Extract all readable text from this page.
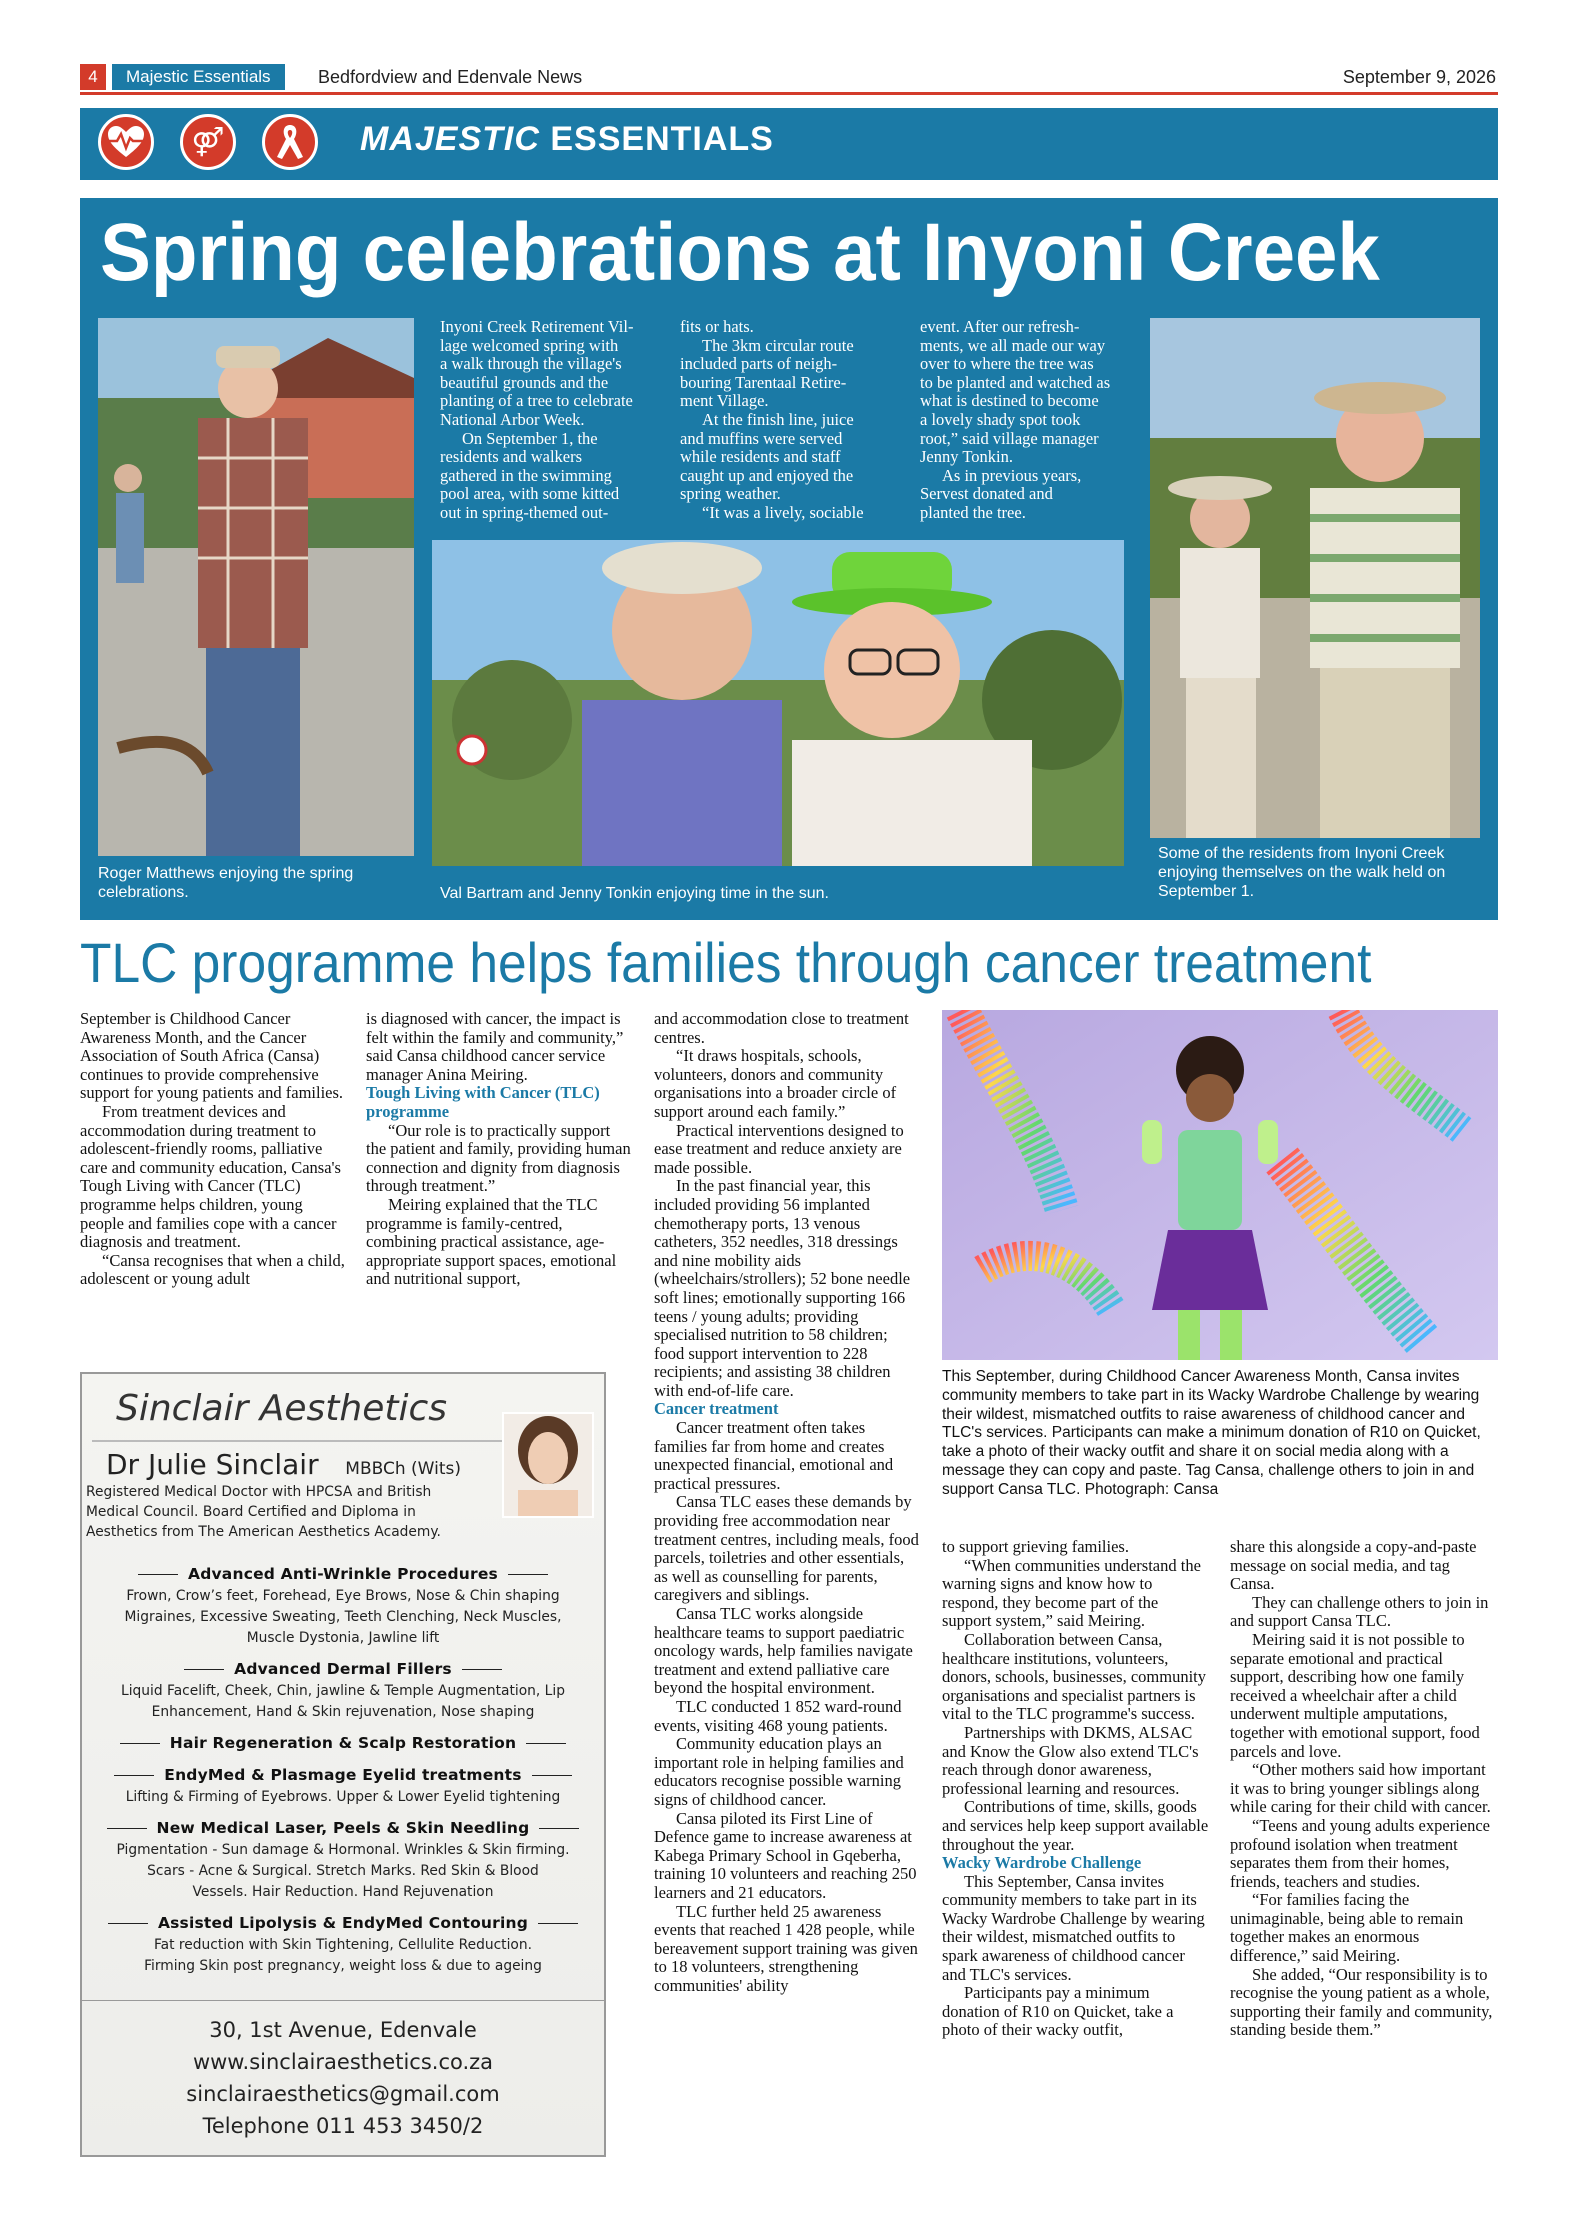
4	Majestic Essentials	Bedfordview and Edenvale News	September 9, 2026
⚤	MAJESTIC ESSENTIALS
Spring celebrations at Inyoni Creek
Inyoni Creek Retirement Vil-
lage welcomed spring with
a walk through the village's
beautiful grounds and the
planting of a tree to celebrate
National Arbor Week.
On September 1, the
residents and walkers
gathered in the swimming
pool area, with some kitted
out in spring-themed out-
fits or hats.
The 3km circular route
included parts of neigh-
bouring Tarentaal Retire-
ment Village.
At the finish line, juice
and muffins were served
while residents and staff
caught up and enjoyed the
spring weather.
“It was a lively, sociable
event. After our refresh-
ments, we all made our way
over to where the tree was
to be planted and watched as
what is destined to become
a lovely shady spot took
root,” said village manager
Jenny Tonkin.
As in previous years,
Servest donated and
planted the tree.
Roger Matthews enjoying the spring celebrations.	Val Bartram and Jenny Tonkin enjoying time in the sun.
Some of the residents from Inyoni Creek enjoying themselves on the walk held on September 1.
TLC programme helps families through cancer treatment

September is Childhood Cancer Awareness Month, and the Cancer Association of South Africa (Cansa) continues to provide comprehensive support for young patients and families.

From treatment devices and accommodation during treatment to adolescent-friendly rooms, palliative care and community education, Cansa's Tough Living with Cancer (TLC) programme helps children, young people and families cope with a cancer diagnosis and treatment.

“Cansa recognises that when a child, adolescent or young adult

is diagnosed with cancer, the impact is felt within the family and community,” said Cansa childhood cancer service manager Anina Meiring.

Tough Living with Cancer (TLC) programme

“Our role is to practically support the patient and family, providing human connection and dignity from diagnosis through treatment.”

Meiring explained that the TLC programme is family-centred, combining practical assistance, age-appropriate support spaces, emotional and nutritional support,

and accommodation close to treatment centres.

“It draws hospitals, schools, volunteers, donors and community organisations into a broader circle of support around each family.”

Practical interventions designed to ease treatment and reduce anxiety are made possible.

In the past financial year, this included providing 56 implanted chemotherapy ports, 13 venous catheters, 352 needles, 318 dressings and nine mobility aids (wheelchairs/strollers); 52 bone needle soft lines; emotionally supporting 166 teens / young adults; providing specialised nutrition to 58 children; food support intervention to 228 recipients; and assisting 38 children with end-of-life care.

Cancer treatment

Cancer treatment often takes families far from home and creates unexpected financial, emotional and practical pressures.

Cansa TLC eases these demands by providing free accommodation near treatment centres, including meals, food parcels, toiletries and other essentials, as well as counselling for parents, caregivers and siblings.

Cansa TLC works alongside healthcare teams to support paediatric oncology wards, help families navigate treatment and extend palliative care beyond the hospital environment.

TLC conducted 1 852 ward-round events, visiting 468 young patients.

Community education plays an important role in helping families and educators recognise possible warning signs of childhood cancer.

Cansa piloted its First Line of Defence game to increase awareness at Kabega Primary School in Gqeberha, training 10 volunteers and reaching 250 learners and 21 educators.

TLC further held 25 awareness events that reached 1 428 people, while bereavement support training was given to 18 volunteers, strengthening communities' ability

to support grieving families.

“When communities understand the warning signs and know how to respond, they become part of the support system,” said Meiring.

Collaboration between Cansa, healthcare institutions, volunteers, donors, schools, businesses, community organisations and specialist partners is vital to the TLC programme's success.

Partnerships with DKMS, ALSAC and Know the Glow also extend TLC's reach through donor awareness, professional learning and resources.

Contributions of time, skills, goods and services help keep support available throughout the year.

Wacky Wardrobe Challenge

This September, Cansa invites community members to take part in its Wacky Wardrobe Challenge by wearing their wildest, mismatched outfits to spark awareness of childhood cancer and TLC's services.

Participants pay a minimum donation of R10 on Quicket, take a photo of their wacky outfit,

share this alongside a copy-and-paste message on social media, and tag Cansa.

They can challenge others to join in and support Cansa TLC.

Meiring said it is not possible to separate emotional and practical support, describing how one family received a wheelchair after a child underwent multiple amputations, together with emotional support, food parcels and love.

“Other mothers said how important it was to bring younger siblings along while caring for their child with cancer.

“Teens and young adults experience profound isolation when treatment separates them from their homes, friends, teachers and studies.

“For families facing the unimaginable, being able to remain together makes an enormous difference,” said Meiring.

She added, “Our responsibility is to recognise the young patient as a whole, supporting their family and community, standing beside them.”

This September, during Childhood Cancer Awareness Month, Cansa invites community members to take part in its Wacky Wardrobe Challenge by wearing their wildest, mismatched outfits to raise awareness of childhood cancer and TLC's services. Participants can make a minimum donation of R10 on Quicket, take a photo of their wacky outfit and share it on social media along with a message they can copy and paste. Tag Cansa, challenge others to join in and support Cansa TLC. Photograph: Cansa
Sinclair Aesthetics
Dr Julie Sinclair MBBCh (Wits)
Registered Medical Doctor with HPCSA and British
Medical Council. Board Certified and Diploma in
Aesthetics from The American Aesthetics Academy.
Advanced Anti-Wrinkle Procedures
Frown, Crow’s feet, Forehead, Eye Brows, Nose & Chin shaping
Migraines, Excessive Sweating, Teeth Clenching, Neck Muscles,
Muscle Dystonia, Jawline lift
Advanced Dermal Fillers
Liquid Facelift, Cheek, Chin, jawline & Temple Augmentation, Lip
Enhancement, Hand & Skin rejuvenation, Nose shaping
Hair Regeneration & Scalp Restoration
EndyMed & Plasmage Eyelid treatments
Lifting & Firming of Eyebrows. Upper & Lower Eyelid tightening
New Medical Laser, Peels & Skin Needling
Pigmentation - Sun damage & Hormonal. Wrinkles & Skin firming.
Scars - Acne & Surgical. Stretch Marks. Red Skin & Blood
Vessels. Hair Reduction. Hand Rejuvenation
Assisted Lipolysis & EndyMed Contouring
Fat reduction with Skin Tightening, Cellulite Reduction.
Firming Skin post pregnancy, weight loss & due to ageing
30, 1st Avenue, Edenvale
www.sinclairaesthetics.co.za
sinclairaesthetics@gmail.com
Telephone 011 453 3450/2
